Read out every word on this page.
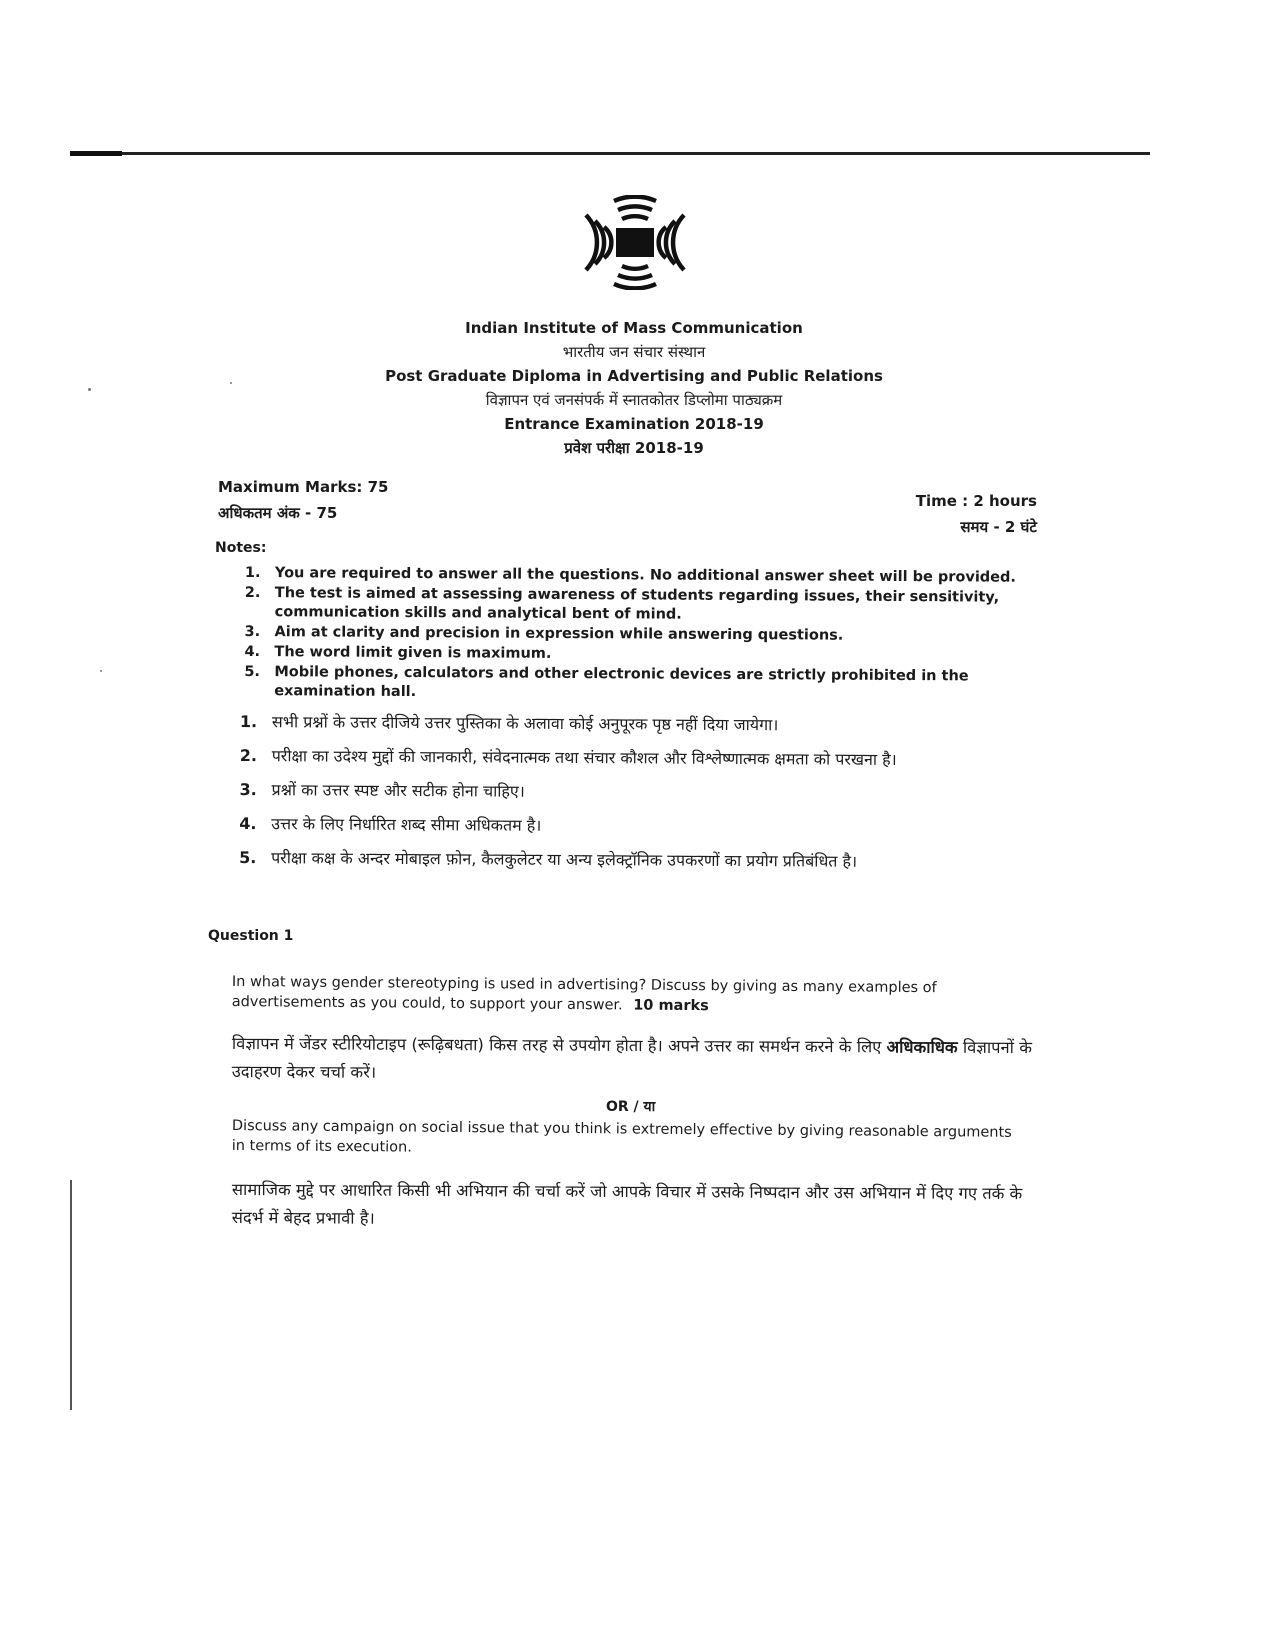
Indian Institute of Mass Communication
भारतीय जन संचार संस्थान
Post Graduate Diploma in Advertising and Public Relations
विज्ञापन एवं जनसंपर्क में स्नातकोतर डिप्लोमा पाठ्यक्रम
Entrance Examination 2018-19
प्रवेश परीक्षा 2018-19
Maximum Marks: 75
अधिकतम अंक - 75
Time : 2 hours
समय - 2 घंटे
Notes:
1. You are required to answer all the questions. No additional answer sheet will be provided.
2. The test is aimed at assessing awareness of students regarding issues, their sensitivity, communication skills and analytical bent of mind.
3. Aim at clarity and precision in expression while answering questions.
4. The word limit given is maximum.
5. Mobile phones, calculators and other electronic devices are strictly prohibited in the examination hall.
1. सभी प्रश्नों के उत्तर दीजिये उत्तर पुस्तिका के अलावा कोई अनुपूरक पृष्ठ नहीं दिया जायेगा।
2. परीक्षा का उदेश्य मुद्दों की जानकारी, संवेदनात्मक तथा संचार कौशल और विश्लेष्णात्मक क्षमता को परखना है।
3. प्रश्नों का उत्तर स्पष्ट और सटीक होना चाहिए।
4. उत्तर के लिए निर्धारित शब्द सीमा अधिकतम है।
5. परीक्षा कक्ष के अन्दर मोबाइल फ़ोन, कैलकुलेटर या अन्य इलेक्ट्रॉनिक उपकरणों का प्रयोग प्रतिबंधित है।
Question 1
In what ways gender stereotyping is used in advertising? Discuss by giving as many examples of advertisements as you could, to support your answer. 10 marks
विज्ञापन में जेंडर स्टीरियोटाइप (रूढ़िबधता) किस तरह से उपयोग होता है। अपने उत्तर का समर्थन करने के लिए अधिकाधिक विज्ञापनों के उदाहरण देकर चर्चा करें।
OR / या
Discuss any campaign on social issue that you think is extremely effective by giving reasonable arguments in terms of its execution.
सामाजिक मुद्दे पर आधारित किसी भी अभियान की चर्चा करें जो आपके विचार में उसके निष्पदान और उस अभियान में दिए गए तर्क के संदर्भ में बेहद प्रभावी है।
